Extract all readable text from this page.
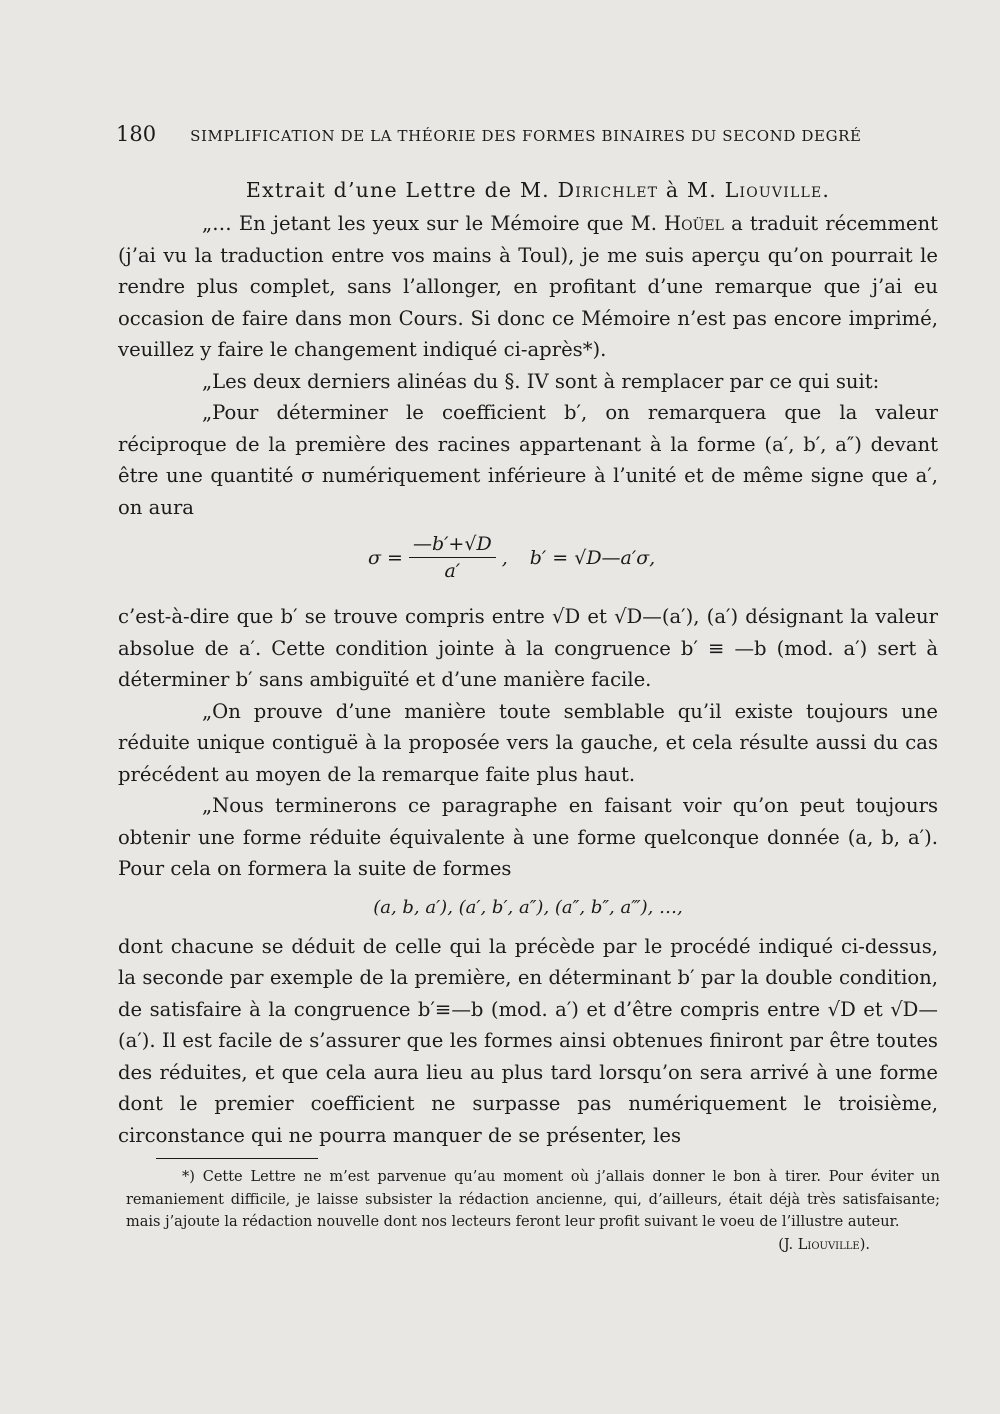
180 SIMPLIFICATION DE LA THÉORIE DES FORMES BINAIRES DU SECOND DEGRÉ
Extrait d’une Lettre de M. Dirichlet à M. Liouville.

„… En jetant les yeux sur le Mémoire que M. Hoüel a traduit récemment (j’ai vu la traduction entre vos mains à Toul), je me suis aperçu qu’on pourrait le rendre plus complet, sans l’allonger, en profitant d’une remarque que j’ai eu occasion de faire dans mon Cours. Si donc ce Mémoire n’est pas encore imprimé, veuillez y faire le changement indiqué ci-après*).

„Les deux derniers alinéas du §. IV sont à remplacer par ce qui suit:

„Pour déterminer le coefficient b′, on remarquera que la valeur réciproque de la première des racines appartenant à la forme (a′, b′, a″) devant être une quantité σ numériquement inférieure à l’unité et de même signe que a′, on aura

$\sigma = \frac{—b'+√D}{a'}$ , b′ = √D—a′σ,

c’est-à-dire que b′ se trouve compris entre √D et √D—(a′), (a′) désignant la valeur absolue de a′. Cette condition jointe à la congruence b′ ≡ —b (mod. a′) sert à déterminer b′ sans ambiguïté et d’une manière facile.

„On prouve d’une manière toute semblable qu’il existe toujours une réduite unique contiguë à la proposée vers la gauche, et cela résulte aussi du cas précédent au moyen de la remarque faite plus haut.

„Nous terminerons ce paragraphe en faisant voir qu’on peut toujours obtenir une forme réduite équivalente à une forme quelconque donnée (a, b, a′). Pour cela on formera la suite de formes

(a, b, a′), (a′, b′, a″), (a″, b″, a‴), …,

dont chacune se déduit de celle qui la précède par le procédé indiqué ci-dessus, la seconde par exemple de la première, en déterminant b′ par la double condition, de satisfaire à la congruence b′≡—b (mod. a′) et d’être compris entre √D et √D—(a′). Il est facile de s’assurer que les formes ainsi obtenues finiront par être toutes des réduites, et que cela aura lieu au plus tard lorsqu’on sera arrivé à une forme dont le premier coefficient ne surpasse pas numériquement le troisième, circonstance qui ne pourra manquer de se présenter, les

*) Cette Lettre ne m’est parvenue qu’au moment où j’allais donner le bon à tirer. Pour éviter un remaniement difficile, je laisse subsister la rédaction ancienne, qui, d’ailleurs, était déjà très satisfaisante; mais j’ajoute la rédaction nouvelle dont nos lecteurs feront leur profit suivant le voeu de l’illustre auteur.
(J. Liouville).
